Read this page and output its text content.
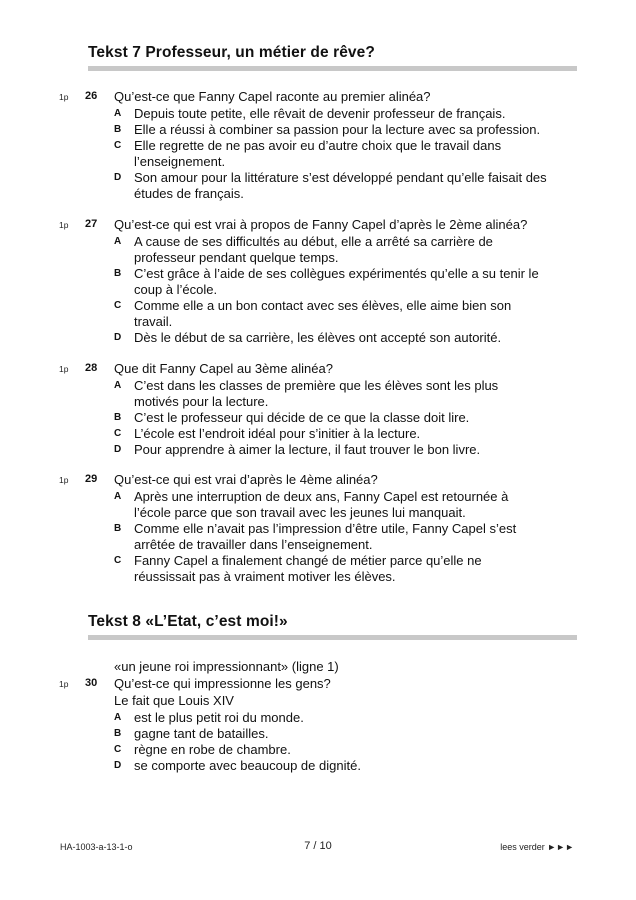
Tekst 7 Professeur, un métier de rêve?
1p 26 Qu’est-ce que Fanny Capel raconte au premier alinéa?
A Depuis toute petite, elle rêvait de devenir professeur de français.
B Elle a réussi à combiner sa passion pour la lecture avec sa profession.
C Elle regrette de ne pas avoir eu d’autre choix que le travail dans l’enseignement.
D Son amour pour la littérature s’est développé pendant qu’elle faisait des études de français.
1p 27 Qu’est-ce qui est vrai à propos de Fanny Capel d’après le 2ème alinéa?
A A cause de ses difficultés au début, elle a arrêté sa carrière de professeur pendant quelque temps.
B C’est grâce à l’aide de ses collègues expérimentés qu’elle a su tenir le coup à l’école.
C Comme elle a un bon contact avec ses élèves, elle aime bien son travail.
D Dès le début de sa carrière, les élèves ont accepté son autorité.
1p 28 Que dit Fanny Capel au 3ème alinéa?
A C’est dans les classes de première que les élèves sont les plus motivés pour la lecture.
B C’est le professeur qui décide de ce que la classe doit lire.
C L’école est l’endroit idéal pour s’initier à la lecture.
D Pour apprendre à aimer la lecture, il faut trouver le bon livre.
1p 29 Qu’est-ce qui est vrai d’après le 4ème alinéa?
A Après une interruption de deux ans, Fanny Capel est retournée à l’école parce que son travail avec les jeunes lui manquait.
B Comme elle n’avait pas l’impression d’être utile, Fanny Capel s’est arrêtée de travailler dans l’enseignement.
C Fanny Capel a finalement changé de métier parce qu’elle ne réussissait pas à vraiment motiver les élèves.
Tekst 8 «L’Etat, c’est moi!»
«un jeune roi impressionnant» (ligne 1)
1p 30 Qu’est-ce qui impressionne les gens?
Le fait que Louis XIV
A est le plus petit roi du monde.
B gagne tant de batailles.
C règne en robe de chambre.
D se comporte avec beaucoup de dignité.
HA-1003-a-13-1-o	7 / 10	lees verder ►►►
